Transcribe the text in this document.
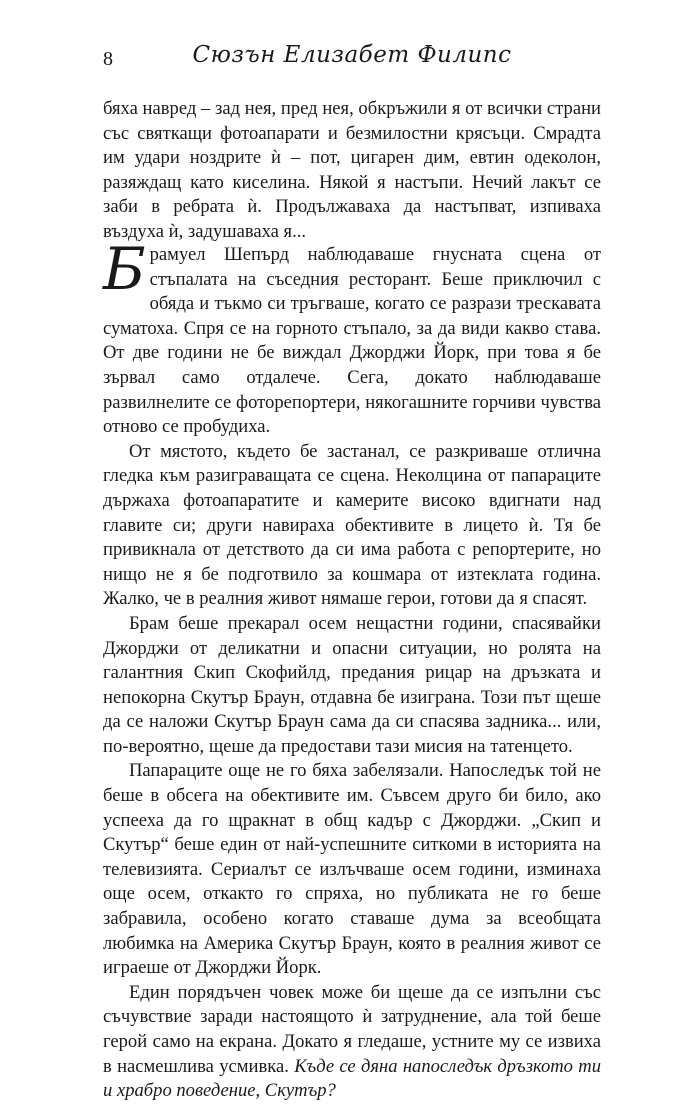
8	Сюзън Елизабет Филипс

бяха навред – зад нея, пред нея, обкръжили я от всички страни със святкащи фотоапарати и безмилостни крясъци. Смрадта им удари ноздрите ѝ – пот, цигарен дим, евтин одеколон, разяждащ като киселина. Някой я настъпи. Нечий лакът се заби в ребрата ѝ. Продължаваха да настъпват, изпиваха въздуха ѝ, задушаваха я...

Брамуел Шепърд наблюдаваше гнусната сцена от стъпалата на съседния ресторант. Беше приключил с обяда и тъкмо си тръгваше, когато се разрази трескавата суматоха. Спря се на горното стъпало, за да види какво става. От две години не бе виждал Джорджи Йорк, при това я бе зървал само отдалече. Сега, докато наблюдаваше развилнелите се фоторепортери, някогашните горчиви чувства отново се пробудиха.

От мястото, където бе застанал, се разкриваше отлична гледка към разиграващата се сцена. Неколцина от папараците държаха фотоапаратите и камерите високо вдигнати над главите си; други навираха обективите в лицето ѝ. Тя бе привикнала от детството да си има работа с репортерите, но нищо не я бе подготвило за кошмара от изтеклата година. Жалко, че в реалния живот нямаше герои, готови да я спасят.

Брам беше прекарал осем нещастни години, спасявайки Джорджи от деликатни и опасни ситуации, но ролята на галантния Скип Скофийлд, предания рицар на дръзката и непокорна Скутър Браун, отдавна бе изиграна. Този път щеше да се наложи Скутър Браун сама да си спасява задника... или, по-вероятно, щеше да предостави тази мисия на татенцето.

Папараците още не го бяха забелязали. Напоследък той не беше в обсега на обективите им. Съвсем друго би било, ако успееха да го щракнат в общ кадър с Джорджи. „Скип и Скутър“ беше един от най-успешните ситкоми в историята на телевизията. Сериалът се излъчваше осем години, изминаха още осем, откакто го спряха, но публиката не го беше забравила, особено когато ставаше дума за всеобщата любимка на Америка Скутър Браун, която в реалния живот се играеше от Джорджи Йорк.

Един порядъчен човек може би щеше да се изпълни със съчувствие заради настоящото ѝ затруднение, ала той беше герой само на екрана. Докато я гледаше, устните му се извиха в насмешлива усмивка. Къде се дяна напоследък дръзкото ти и храбро поведение, Скутър?
